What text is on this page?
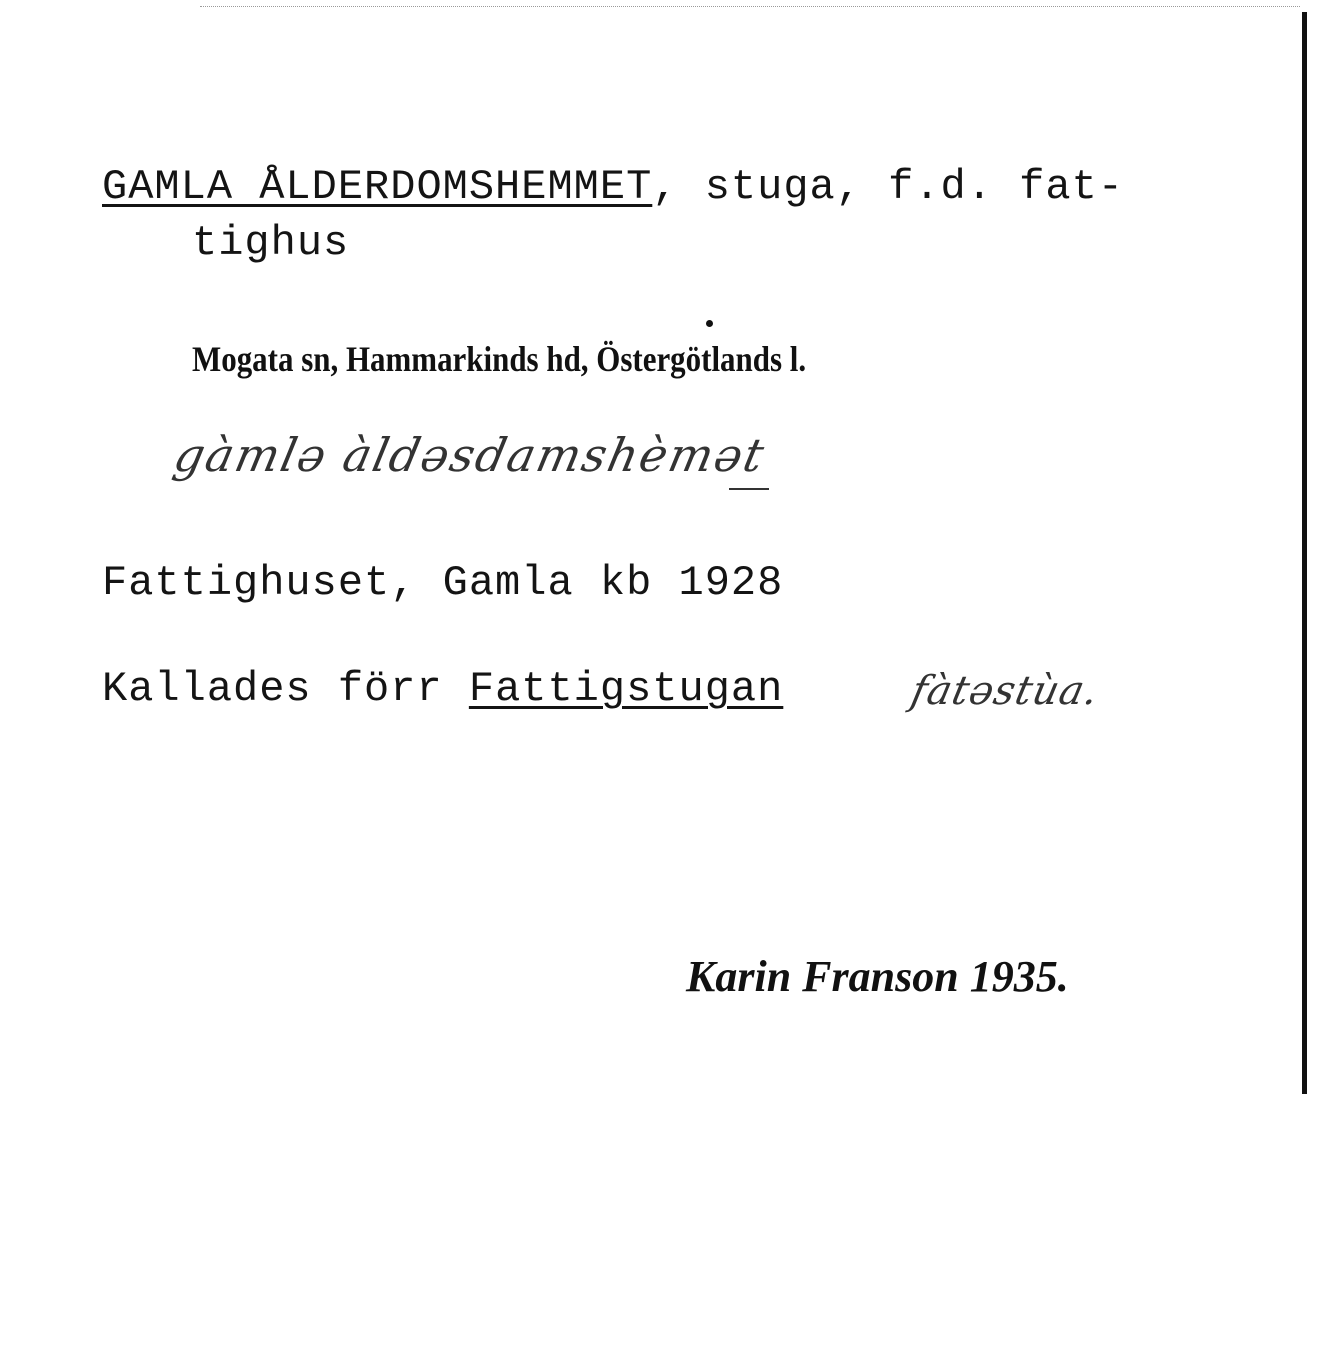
GAMLA ÅLDERDOMSHEMMET, stuga, f.d. fat-
tighus
Mogata sn, Hammarkinds hd, Östergötlands l.
gàmlə àldəsdamshèmət
Fattighuset, Gamla kb 1928
Kallades förr Fattigstugan	fàtəstùa.
Karin Franson 1935.
